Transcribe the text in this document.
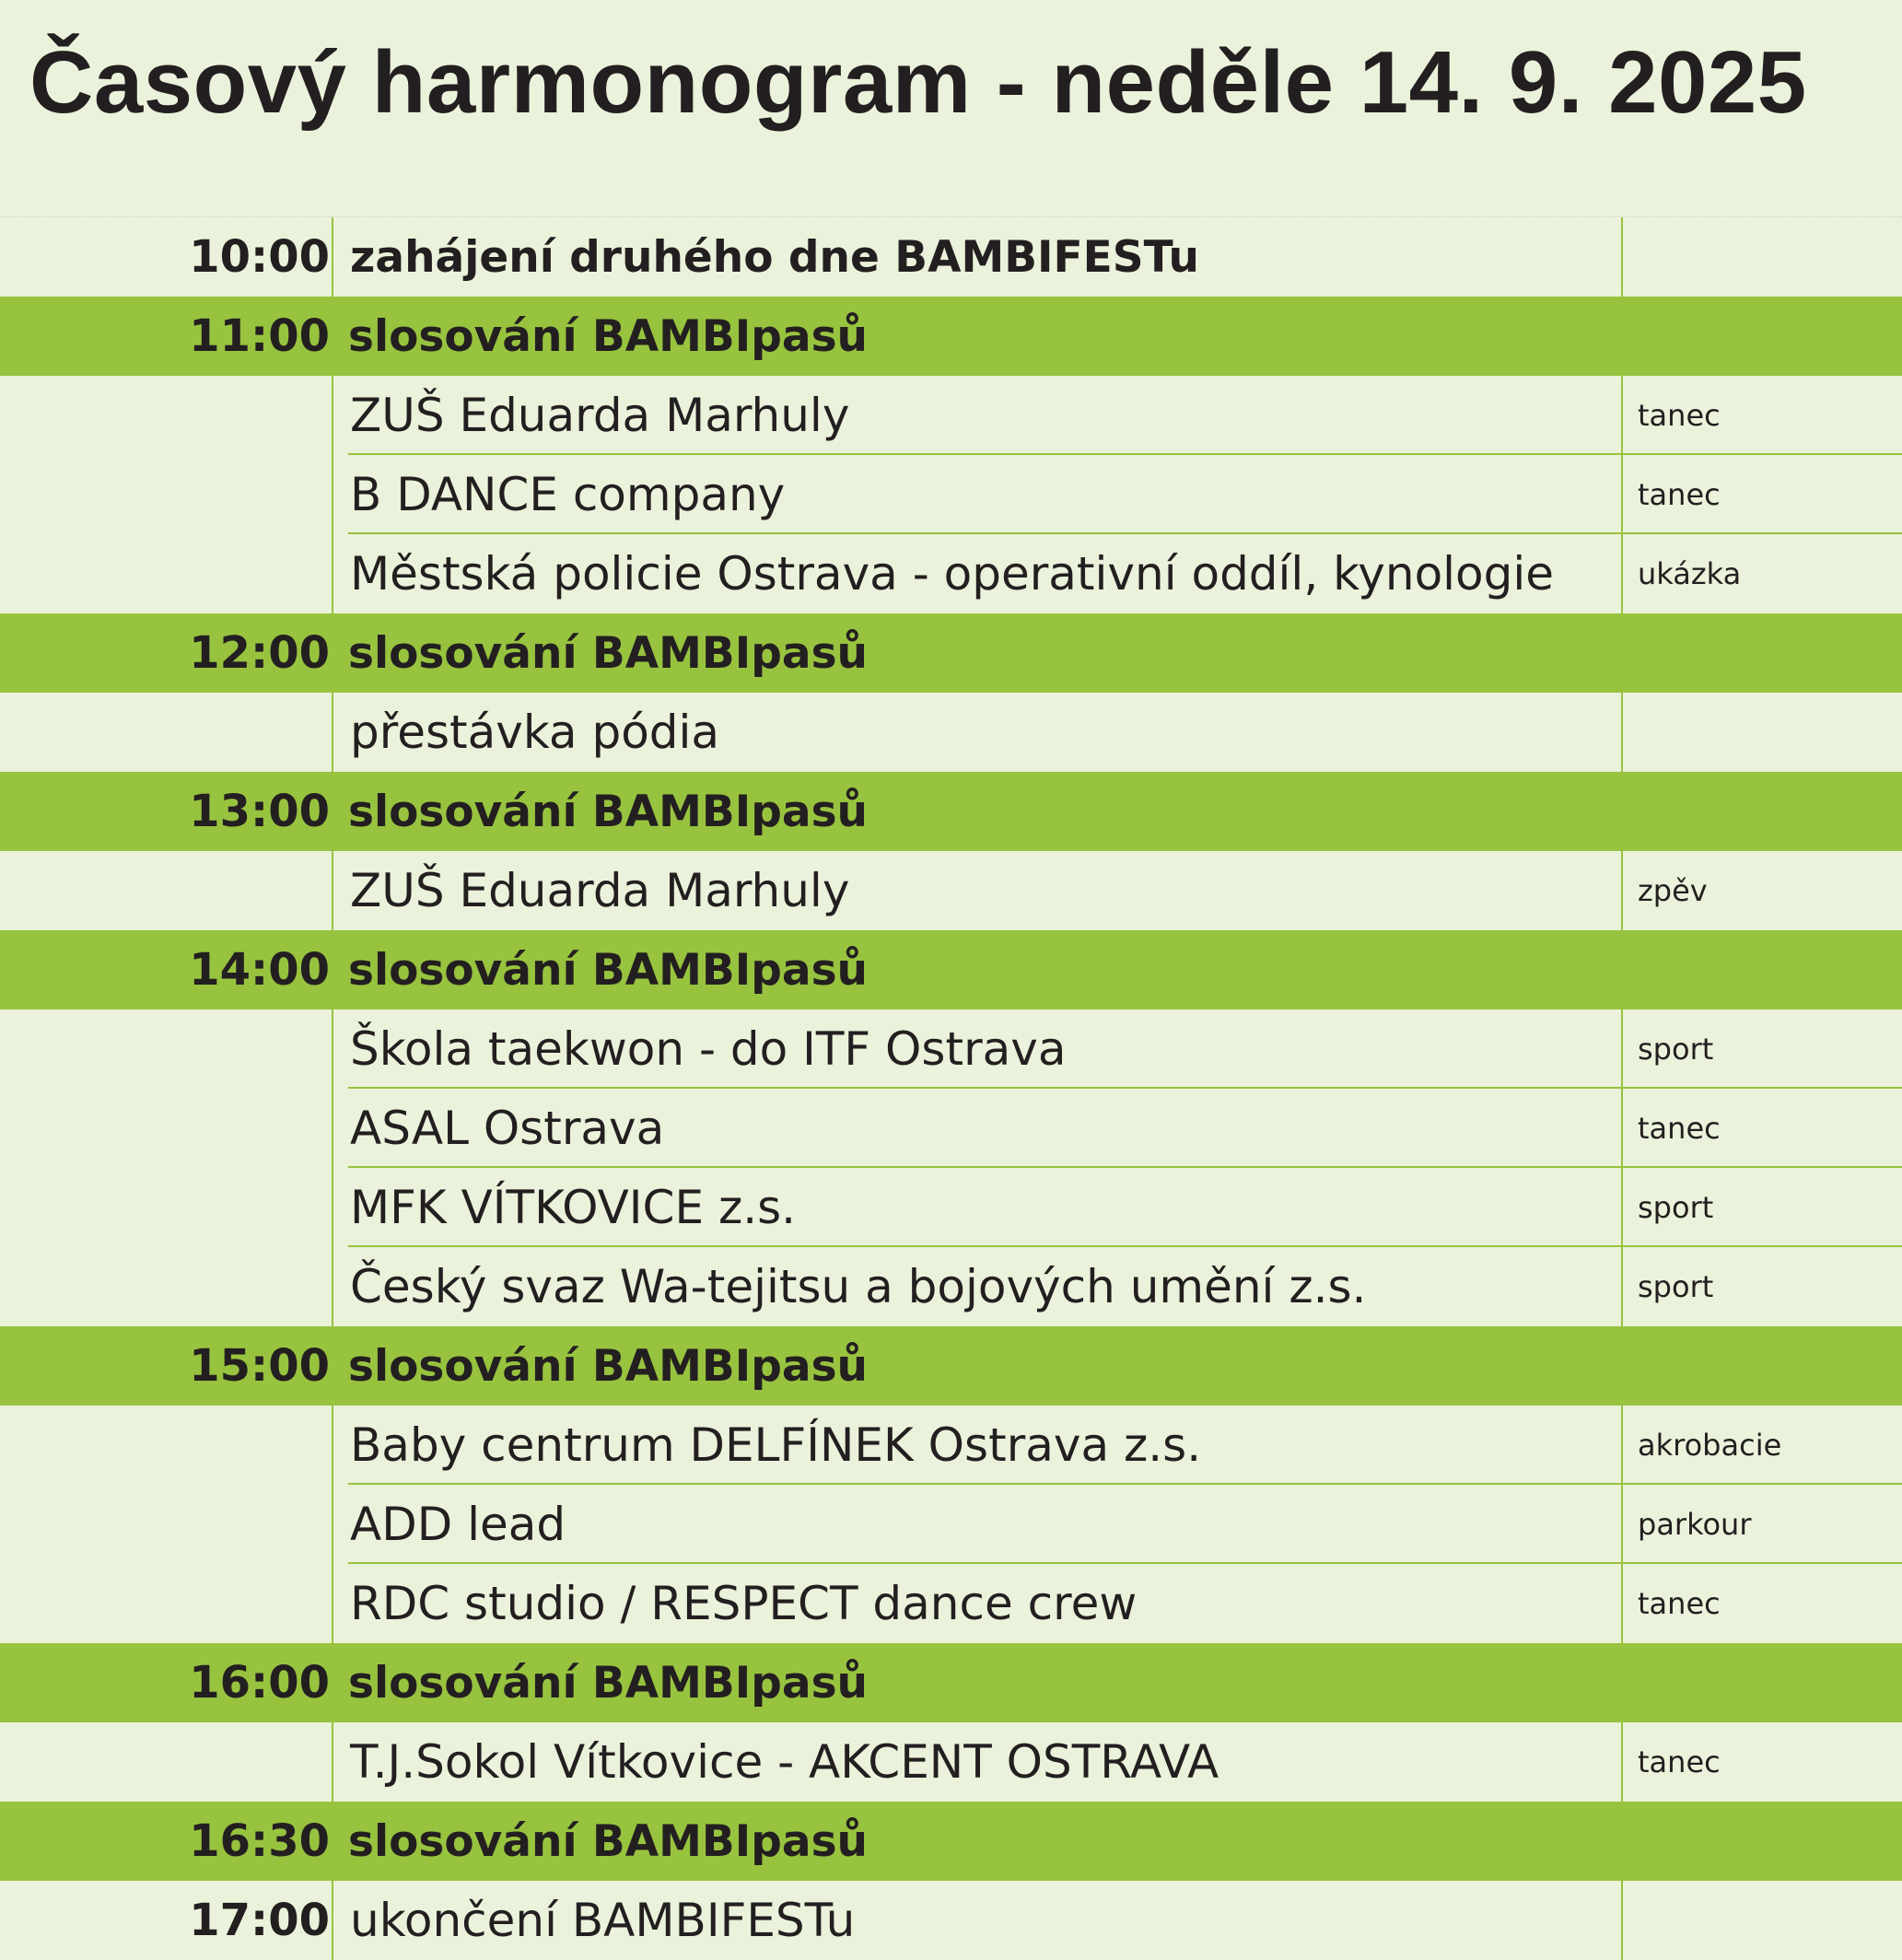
Časový harmonogram - neděle 14. 9. 2025
10:00 zahájení druhého dne BAMBIFESTu
11:00 slosování BAMBIpasů
ZUŠ Eduarda Marhuly	tanec
B DANCE company	tanec
Městská policie Ostrava - operativní oddíl, kynologie	ukázka
12:00 slosování BAMBIpasů
přestávka pódia
13:00 slosování BAMBIpasů
ZUŠ Eduarda Marhuly	zpěv
14:00 slosování BAMBIpasů
Škola taekwon - do ITF Ostrava	sport
ASAL Ostrava	tanec
MFK VÍTKOVICE z.s.	sport
Český svaz Wa-tejitsu a bojových umění z.s.	sport
15:00 slosování BAMBIpasů
Baby centrum DELFÍNEK Ostrava z.s.	akrobacie
ADD lead	parkour
RDC studio / RESPECT dance crew	tanec
16:00 slosování BAMBIpasů
T.J.Sokol Vítkovice - AKCENT OSTRAVA	tanec
16:30 slosování BAMBIpasů
17:00 ukončení BAMBIFESTu
